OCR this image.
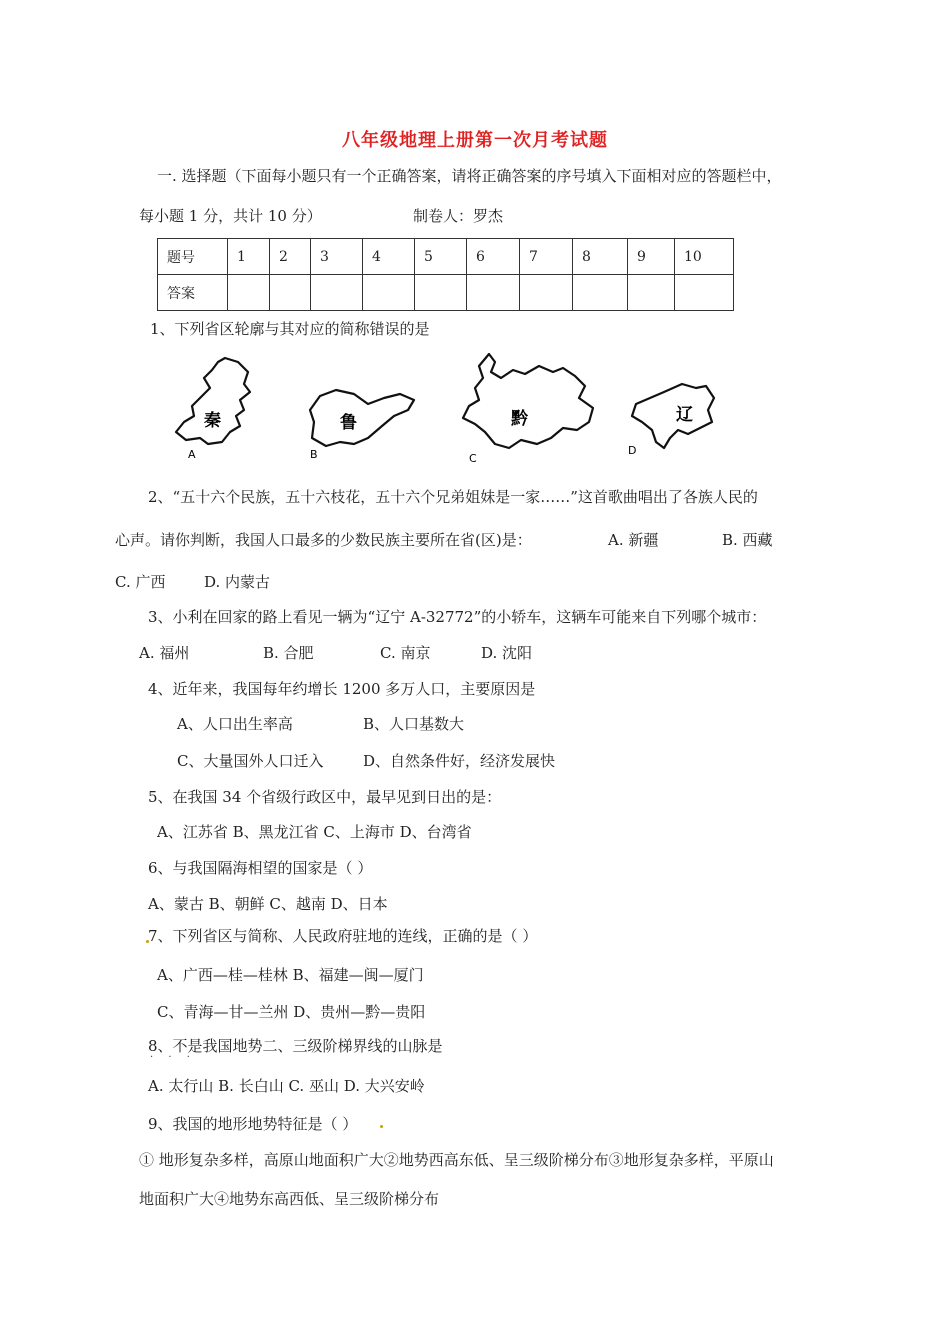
八年级地理上册第一次月考试题
一. 选择题（下面每小题只有一个正确答案，请将正确答案的序号填入下面相对应的答题栏中，
每小题 1 分，共计 10 分）	制卷人：罗杰
题号	1	2	3	4	5	6	7	8	9	10
答案										
1、下列省区轮廓与其对应的简称错误的是
秦
A
鲁
B
黔
C
辽
D
2、“五十六个民族，五十六枝花，五十六个兄弟姐妹是一家……”这首歌曲唱出了各族人民的
心声。请你判断，我国人口最多的少数民族主要所在省(区)是：	A. 新疆	B. 西藏
C. 广西	D. 内蒙古
3、小利在回家的路上看见一辆为“辽宁 A-32772”的小轿车，这辆车可能来自下列哪个城市：
A. 福州	B. 合肥	C. 南京	D. 沈阳
4、近年来，我国每年约增长 1200 多万人口，主要原因是
A、人口出生率高	B、人口基数大
C、大量国外人口迁入	D、自然条件好，经济发展快
5、在我国 34 个省级行政区中，最早见到日出的是：
A、江苏省 B、黑龙江省 C、上海市 D、台湾省
6、与我国隔海相望的国家是（ ）
A、蒙古 B、朝鲜 C、越南 D、日本
7、下列省区与简称、人民政府驻地的连线，正确的是（ ）
A、广西—桂—桂林 B、福建—闽—厦门
C、青海—甘—兰州 D、贵州—黔—贵阳
8、不是我国地势二、三级阶梯界线的山脉是
· · ·
A. 太行山 B. 长白山 C. 巫山 D. 大兴安岭
9、我国的地形地势特征是（ ）
① 地形复杂多样，高原山地面积广大②地势西高东低、呈三级阶梯分布③地形复杂多样，平原山
地面积广大④地势东高西低、呈三级阶梯分布
